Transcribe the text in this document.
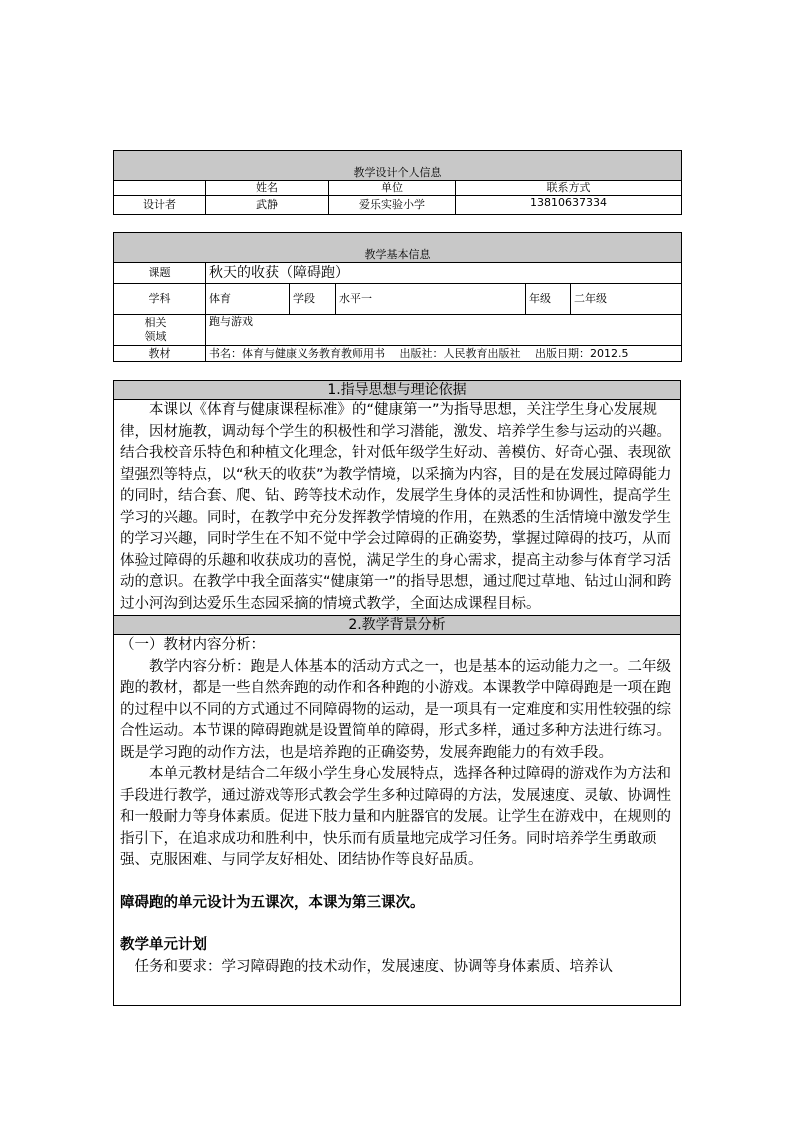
教学设计个人信息			
	姓名	单位	联系方式
设计者	武静	爱乐实验小学	13810637334
教学基本信息					
课题	秋天的收获（障碍跑）				
学科	体育	学段	水平一	年级	二年级

相关领域	跑与游戏				
教材	书名：体育与健康义务教育教师用书　 出版社：人民教育出版社　 出版日期：2012.5				
1.指导思想与理论依据

本课以《体育与健康课程标准》的“健康第一”为指导思想，关注学生身心发展规律，因材施教，调动每个学生的积极性和学习潜能，激发、培养学生参与运动的兴趣。结合我校音乐特色和种植文化理念，针对低年级学生好动、善模仿、好奇心强、表现欲望强烈等特点，以“秋天的收获”为教学情境，以采摘为内容，目的是在发展过障碍能力的同时，结合套、爬、钻、跨等技术动作，发展学生身体的灵活性和协调性，提高学生学习的兴趣。同时，在教学中充分发挥教学情境的作用，在熟悉的生活情境中激发学生的学习兴趣，同时学生在不知不觉中学会过障碍的正确姿势，掌握过障碍的技巧，从而体验过障碍的乐趣和收获成功的喜悦，满足学生的身心需求，提高主动参与体育学习活动的意识。在教学中我全面落实“健康第一”的指导思想，通过爬过草地、钻过山洞和跨过小河沟到达爱乐生态园采摘的情境式教学，全面达成课程目标。

2.教学背景分析

（一）教材内容分析：

教学内容分析：跑是人体基本的活动方式之一，也是基本的运动能力之一。二年级跑的教材，都是一些自然奔跑的动作和各种跑的小游戏。本课教学中障碍跑是一项在跑的过程中以不同的方式通过不同障碍物的运动，是一项具有一定难度和实用性较强的综合性运动。本节课的障碍跑就是设置简单的障碍，形式多样，通过多种方法进行练习。既是学习跑的动作方法，也是培养跑的正确姿势，发展奔跑能力的有效手段。

本单元教材是结合二年级小学生身心发展特点，选择各种过障碍的游戏作为方法和手段进行教学，通过游戏等形式教会学生多种过障碍的方法，发展速度、灵敏、协调性和一般耐力等身体素质。促进下肢力量和内脏器官的发展。让学生在游戏中，在规则的指引下，在追求成功和胜利中，快乐而有质量地完成学习任务。同时培养学生勇敢顽强、克服困难、与同学友好相处、团结协作等良好品质。

障碍跑的单元设计为五课次，本课为第三课次。

教学单元计划

任务和要求：学习障碍跑的技术动作，发展速度、协调等身体素质、培养认
